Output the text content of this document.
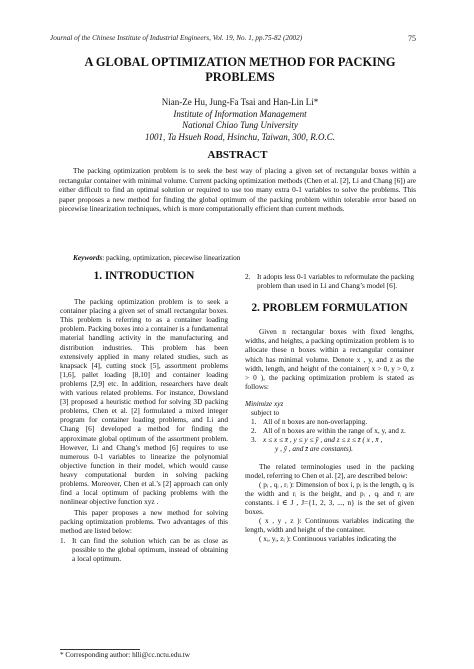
Journal of the Chinese Institute of Industrial Engineers, Vol. 19, No. 1, pp.75-82 (2002)	75
A GLOBAL OPTIMIZATION METHOD FOR PACKING
PROBLEMS
Nian-Ze Hu, Jung-Fa Tsai and Han-Lin Li*
Institute of Information Management
National Chiao Tung University
1001, Ta Hsueh Road, Hsinchu, Taiwan, 300, R.O.C.
ABSTRACT
The packing optimization problem is to seek the best way of placing a given set of rectangular boxes within a rectangular container with minimal volume. Current packing optimization methods (Chen et al. [2], Li and Chang [6]) are either difficult to find an optimal solution or required to use too many extra 0-1 variables to solve the problems. This paper proposes a new method for finding the global optimum of the packing problem within tolerable error based on piecewise linearization techniques, which is more computationally efficient than current methods.
Keywords: packing, optimization, piecewise linearization
1. INTRODUCTION

The packing optimization problem is to seek a container placing a given set of small rectangular boxes. This problem is referring to as a container loading problem. Packing boxes into a container is a fundamental material handling activity in the manufacturing and distribution industries. This problem has been extensively applied in many related studies, such as knapsack [4], cutting stock [5], assortment problems [1,6], pallet loading [8,10] and container loading problems [2,9] etc. In addition, researchers have dealt with various related problems. For instance, Dowsland [3] proposed a heuristic method for solving 3D packing problems, Chen et al. [2] formulated a mixed integer program for container loading problems, and Li and Chang [6] developed a method for finding the approximate global optimum of the assortment problem. However, Li and Chang’s method [6] requires to use numerous 0-1 variables to linearize the polynomial objective function in their model, which would cause heavy computational burden in solving packing problems. Moreover, Chen et al.’s [2] approach can only find a local optimum of packing problems with the nonlinear objective function xyz .

This paper proposes a new method for solving packing optimization problems. Two advantages of this method are listed below:

1. It can find the solution which can be as close as possible to the global optimum, instead of obtaining a local optimum.
2. It adopts less 0-1 variables to reformulate the packing problem than used in Li and Chang’s model [6].
2. PROBLEM FORMULATION

Given n rectangular boxes with fixed lengths, widths, and heights, a packing optimization problem is to allocate these n boxes within a rectangular container which has minimal volume. Denote x , y, and z as the width, length, and height of the container( x > 0, y > 0, z > 0 ), the packing optimization problem is stated as follows:

Minimize xyz

subject to

1. All of n boxes are non-overlapping.
2. All of n boxes are within the range of x, y, and z.
3. x ≤ x ≤ x̄ , y ≤ y ≤ ȳ , and z ≤ z ≤ z̄ ( x , x̄ ,

y , ȳ , and z̄ are constants).

The related terminologies used in the packing model, referring to Chen et al. [2], are described below:

( pᵢ , qᵢ , rᵢ ): Dimension of box i, pᵢ is the length, qᵢ is the width and rᵢ is the height, and pᵢ , qᵢ and rᵢ are constants. i ∈ J , J={1, 2, 3, ..., n} is the set of given boxes.

( x , y , z ): Continuous variables indicating the length, width and height of the container.

( xᵢ, yᵢ, zᵢ ): Continuous variables indicating the

* Corresponding author: hlli@cc.nctu.edu.tw
